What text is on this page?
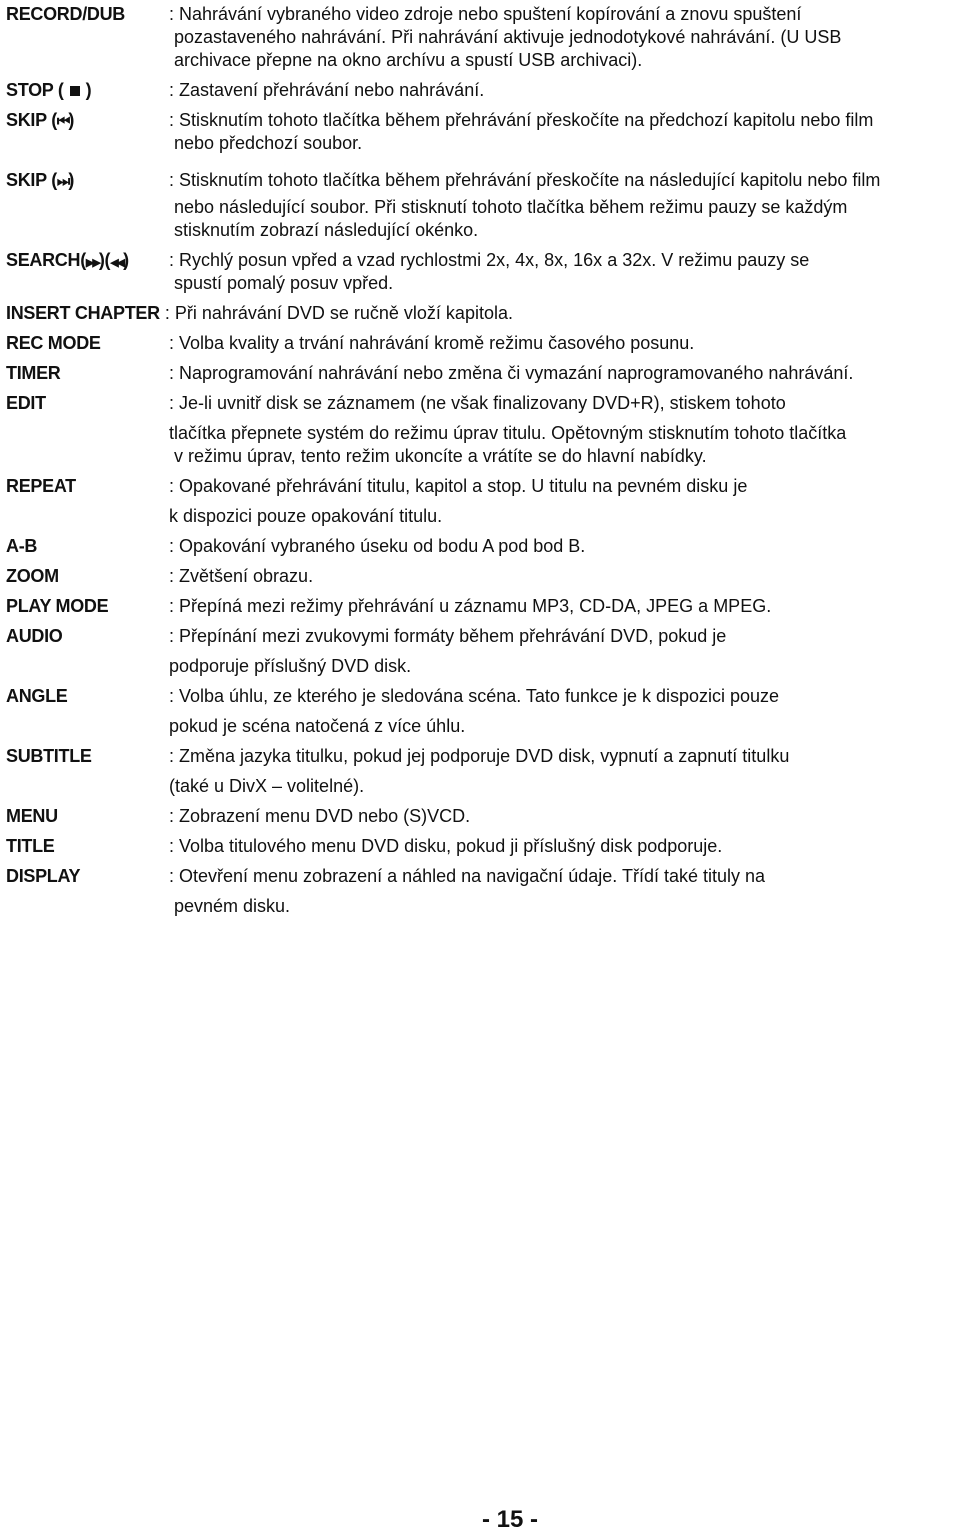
RECORD/DUB	: Nahrávání vybraného video zdroje nebo spuštení kopírování a znovu spuštení
pozastaveného nahrávání. Při nahrávání aktivuje jednodotykové nahrávání. (U USB
archivace přepne na okno archívu a spustí USB archivaci).
STOP ( )	: Zastavení přehrávání nebo nahrávání.
SKIP (⏮)	: Stisknutím tohoto tlačítka během přehrávání přeskočíte na předchozí kapitolu nebo film
nebo předchozí soubor.
SKIP (⏭)	: Stisknutím tohoto tlačítka během přehrávání přeskočíte na následující kapitolu nebo film
nebo následující soubor. Při stisknutí tohoto tlačítka během režimu pauzy se každým
stisknutím zobrazí následující okénko.
SEARCH(▶▶)(◀◀)	: Rychlý posun vpřed a vzad rychlostmi 2x, 4x, 8x, 16x a 32x. V režimu pauzy se
spustí pomalý posuv vpřed.
INSERT CHAPTER : Při nahrávání DVD se ručně vloží kapitola.
REC MODE	: Volba kvality a trvání nahrávání kromě režimu časového posunu.
TIMER	: Naprogramování nahrávání nebo změna či vymazání naprogramovaného nahrávání.
EDIT	: Je-li uvnitř disk se záznamem (ne však finalizovany DVD+R), stiskem tohoto
tlačítka přepnete systém do režimu úprav titulu. Opětovným stisknutím tohoto tlačítka
v režimu úprav, tento režim ukoncíte a vrátíte se do hlavní nabídky.
REPEAT	: Opakované přehrávání titulu, kapitol a stop. U titulu na pevném disku je
k dispozici pouze opakování titulu.
A-B	: Opakování vybraného úseku od bodu A pod bod B.
ZOOM	: Zvětšení obrazu.
PLAY MODE	: Přepíná mezi režimy přehrávání u záznamu MP3, CD-DA, JPEG a MPEG.
AUDIO	: Přepínání mezi zvukovymi formáty během přehrávání DVD, pokud je
podporuje příslušný DVD disk.
ANGLE	: Volba úhlu, ze kterého je sledována scéna. Tato funkce je k dispozici pouze
pokud je scéna natočená z více úhlu.
SUBTITLE	: Změna jazyka titulku, pokud jej podporuje DVD disk, vypnutí a zapnutí titulku
(také u DivX – volitelné).
MENU	: Zobrazení menu DVD nebo (S)VCD.
TITLE	: Volba titulového menu DVD disku, pokud ji příslušný disk podporuje.
DISPLAY	: Otevření menu zobrazení a náhled na navigační údaje. Třídí také tituly na
pevném disku.
- 15 -
